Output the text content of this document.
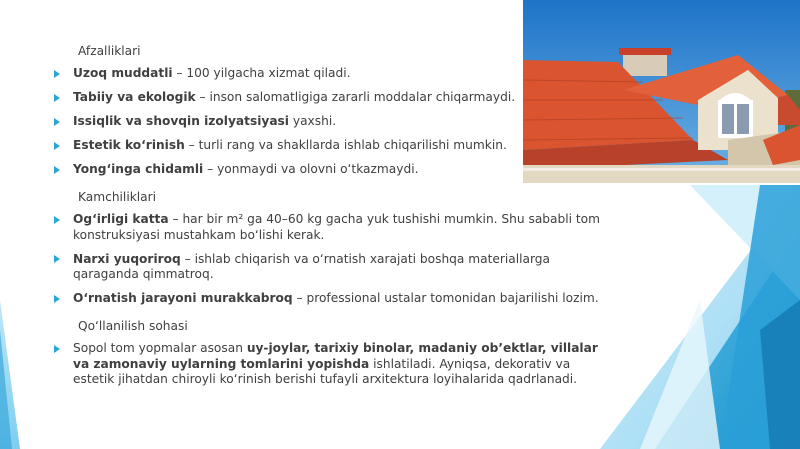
Afzalliklari
Uzoq muddatli – 100 yilgacha xizmat qiladi.
Tabiiy va ekologik – inson salomatligiga zararli moddalar chiqarmaydi.
Issiqlik va shovqin izolyatsiyasi yaxshi.
Estetik ko‘rinish – turli rang va shakllarda ishlab chiqarilishi mumkin.
Yong‘inga chidamli – yonmaydi va olovni o‘tkazmaydi.
Kamchiliklari
Og‘irligi katta – har bir m² ga 40–60 kg gacha yuk tushishi mumkin. Shu sababli tom konstruksiyasi mustahkam bo‘lishi kerak.
Narxi yuqoriroq – ishlab chiqarish va o‘rnatish xarajati boshqa materiallarga qaraganda qimmatroq.
O‘rnatish jarayoni murakkabroq – professional ustalar tomonidan bajarilishi lozim.
Qo‘llanilish sohasi
Sopol tom yopmalar asosan uy-joylar, tarixiy binolar, madaniy ob’ektlar, villalar va zamonaviy uylarning tomlarini yopishda ishlatiladi. Ayniqsa, dekorativ va estetik jihatdan chiroyli ko‘rinish berishi tufayli arxitektura loyihalarida qadrlanadi.
